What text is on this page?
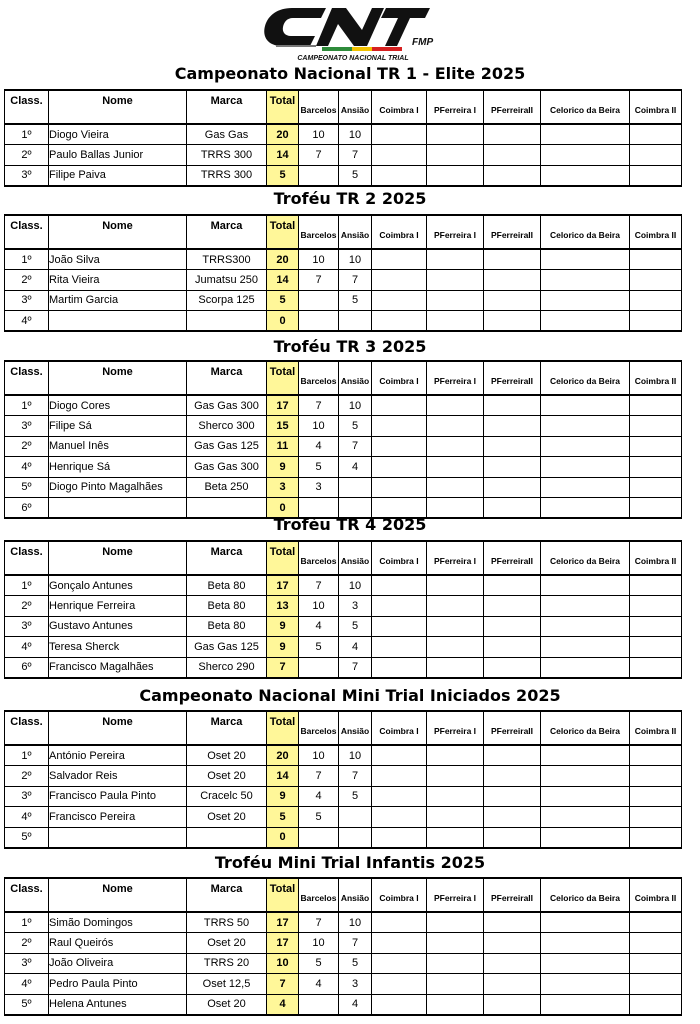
FMP
CAMPEONATO NACIONAL TRIAL
Campeonato Nacional TR 1 - Elite 2025
Class.	Nome	Marca	Total	Barcelos	Ansião	Coimbra I	PFerreira I	PFerreiraII	Celorico da Beira	Coimbra II
1º	Diogo Vieira	Gas Gas	20	10	10					
2º	Paulo Ballas Junior	TRRS 300	14	7	7					
3º	Filipe Paiva	TRRS 300	5		5					
Troféu TR 2 2025
Class.	Nome	Marca	Total	Barcelos	Ansião	Coimbra I	PFerreira I	PFerreiraII	Celorico da Beira	Coimbra II
1º	João Silva	TRRS300	20	10	10					
2º	Rita Vieira	Jumatsu 250	14	7	7					
3º	Martim Garcia	Scorpa 125	5		5					
4º			0							
Troféu TR 3 2025
Class.	Nome	Marca	Total	Barcelos	Ansião	Coimbra I	PFerreira I	PFerreiraII	Celorico da Beira	Coimbra II
1º	Diogo Cores	Gas Gas 300	17	7	10					
3º	Filipe Sá	Sherco 300	15	10	5					
2º	Manuel Inês	Gas Gas 125	11	4	7					
4º	Henrique Sá	Gas Gas 300	9	5	4					
5º	Diogo Pinto Magalhães	Beta 250	3	3						
6º			0							
Troféu TR 4 2025
Class.	Nome	Marca	Total	Barcelos	Ansião	Coimbra I	PFerreira I	PFerreiraII	Celorico da Beira	Coimbra II
1º	Gonçalo Antunes	Beta 80	17	7	10					
2º	Henrique Ferreira	Beta 80	13	10	3					
3º	Gustavo Antunes	Beta 80	9	4	5					
4º	Teresa Sherck	Gas Gas 125	9	5	4					
6º	Francisco Magalhães	Sherco 290	7		7					
Campeonato Nacional Mini Trial Iniciados 2025
Class.	Nome	Marca	Total	Barcelos	Ansião	Coimbra I	PFerreira I	PFerreiraII	Celorico da Beira	Coimbra II
1º	António Pereira	Oset 20	20	10	10					
2º	Salvador Reis	Oset 20	14	7	7					
3º	Francisco Paula Pinto	Cracelc 50	9	4	5					
4º	Francisco Pereira	Oset 20	5	5						
5º			0							
Troféu Mini Trial Infantis 2025
Class.	Nome	Marca	Total	Barcelos	Ansião	Coimbra I	PFerreira I	PFerreiraII	Celorico da Beira	Coimbra II
1º	Simão Domingos	TRRS 50	17	7	10					
2º	Raul Queirós	Oset 20	17	10	7					
3º	João Oliveira	TRRS 20	10	5	5					
4º	Pedro Paula Pinto	Oset 12,5	7	4	3					
5º	Helena Antunes	Oset 20	4		4					
